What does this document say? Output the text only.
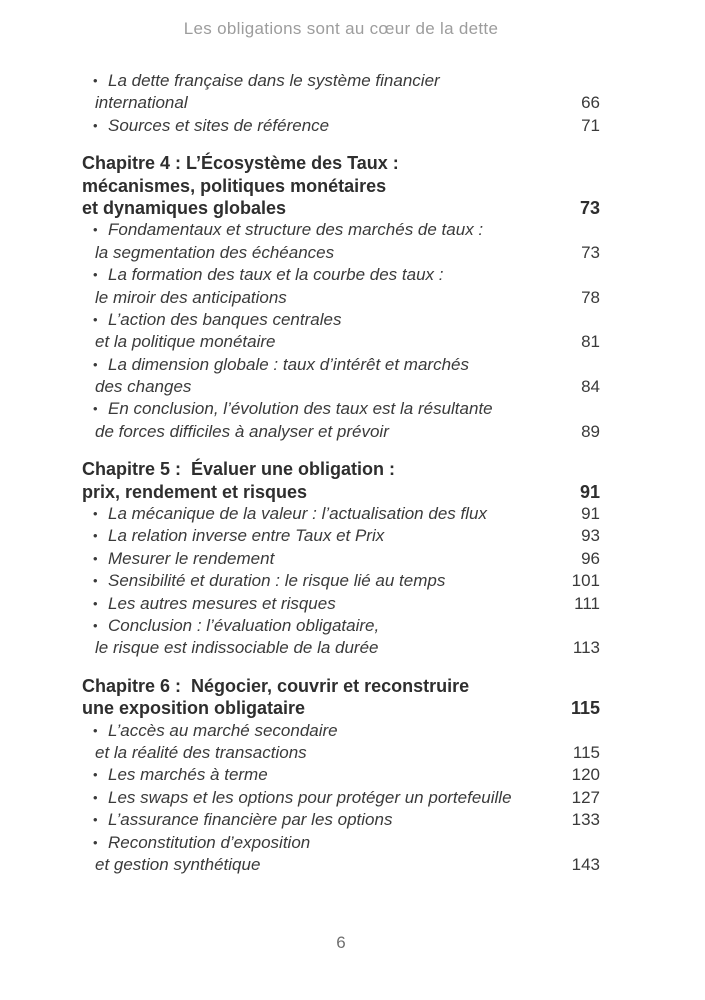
Les obligations sont au cœur de la dette
• La dette française dans le système financier
international	66
• Sources et sites de référence	71
Chapitre 4 : L’Écosystème des Taux :
mécanismes, politiques monétaires
et dynamiques globales	73
• Fondamentaux et structure des marchés de taux :
la segmentation des échéances	73
• La formation des taux et la courbe des taux :
le miroir des anticipations	78
• L’action des banques centrales
et la politique monétaire	81
• La dimension globale : taux d’intérêt et marchés
des changes	84
• En conclusion, l’évolution des taux est la résultante
de forces difficiles à analyser et prévoir	89
Chapitre 5 :  Évaluer une obligation :
prix, rendement et risques	91
• La mécanique de la valeur : l’actualisation des flux	91
• La relation inverse entre Taux et Prix	93
• Mesurer le rendement	96
• Sensibilité et duration : le risque lié au temps	101
• Les autres mesures et risques	111
• Conclusion : l’évaluation obligataire,
le risque est indissociable de la durée	113
Chapitre 6 :  Négocier, couvrir et reconstruire
une exposition obligataire	115
• L’accès au marché secondaire
et la réalité des transactions	115
• Les marchés à terme	120
• Les swaps et les options pour protéger un portefeuille	127
• L’assurance financière par les options	133
• Reconstitution d’exposition
et gestion synthétique	143
6
